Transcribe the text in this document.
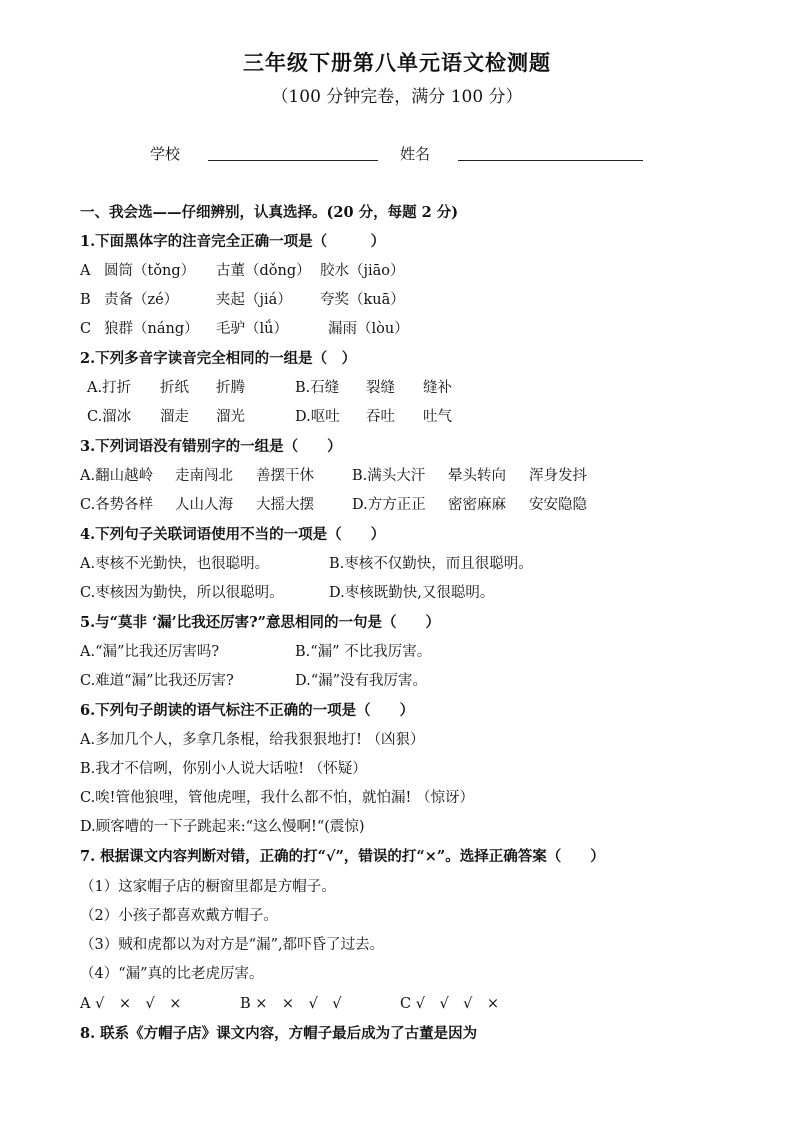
三年级下册第八单元语文检测题
（100 分钟完卷，满分 100 分）
学校	姓名
一、我会选——仔细辨别，认真选择。(20 分，每题 2 分)
1.下面黑体字的注音完全正确一项是（　　　）
A 圆筒（tǒng） 古董（dǒng） 胶水（jiāo）
B 责备（zé）	夹起（jiá） 夸奖（kuā）
C 狼群（náng） 毛驴（lǘ）	漏雨（lòu）
2.下列多音字读音完全相同的一组是（　）
A.打折 折纸 折腾	B.石缝 裂缝 缝补
C.溜冰 溜走 溜光	D.呕吐 吞吐 吐气
3.下列词语没有错别字的一组是（　　）
A.翻山越岭 走南闯北 善摆干休	B.满头大汗 晕头转向 浑身发抖
C.各势各样 人山人海 大摇大摆	D.方方正正 密密麻麻 安安隐隐
4.下列句子关联词语使用不当的一项是（　　）
A.枣核不光勤快，也很聪明。	B.枣核不仅勤快，而且很聪明。
C.枣核因为勤快，所以很聪明。	D.枣核既勤快,又很聪明。
5.与“莫非 ‘漏’比我还厉害?”意思相同的一句是（　　）
A.“漏”比我还厉害吗?	B.“漏” 不比我厉害。
C.难道“漏”比我还厉害?	D.“漏”没有我厉害。
6.下列句子朗读的语气标注不正确的一项是（　　）
A.多加几个人，多拿几条棍，给我狠狠地打! （凶狠）
B.我才不信咧，你别小人说大话啦! （怀疑）
C.唉!管他狼哩，管他虎哩，我什么都不怕，就怕漏! （惊讶）
D.顾客嘈的一下子跳起来:“这么慢啊!“(震惊)
7. 根据课文内容判断对错，正确的打“√”，错误的打“×”。选择正确答案（　　）
（1）这家帽子店的橱窗里都是方帽子。
（2）小孩子都喜欢戴方帽子。
（3）贼和虎都以为对方是“漏”,都吓昏了过去。
（4）“漏”真的比老虎厉害。
A √　×　√　×	B ×　×　√　√	C √　√　√　×
8. 联系《方帽子店》课文内容，方帽子最后成为了古董是因为
